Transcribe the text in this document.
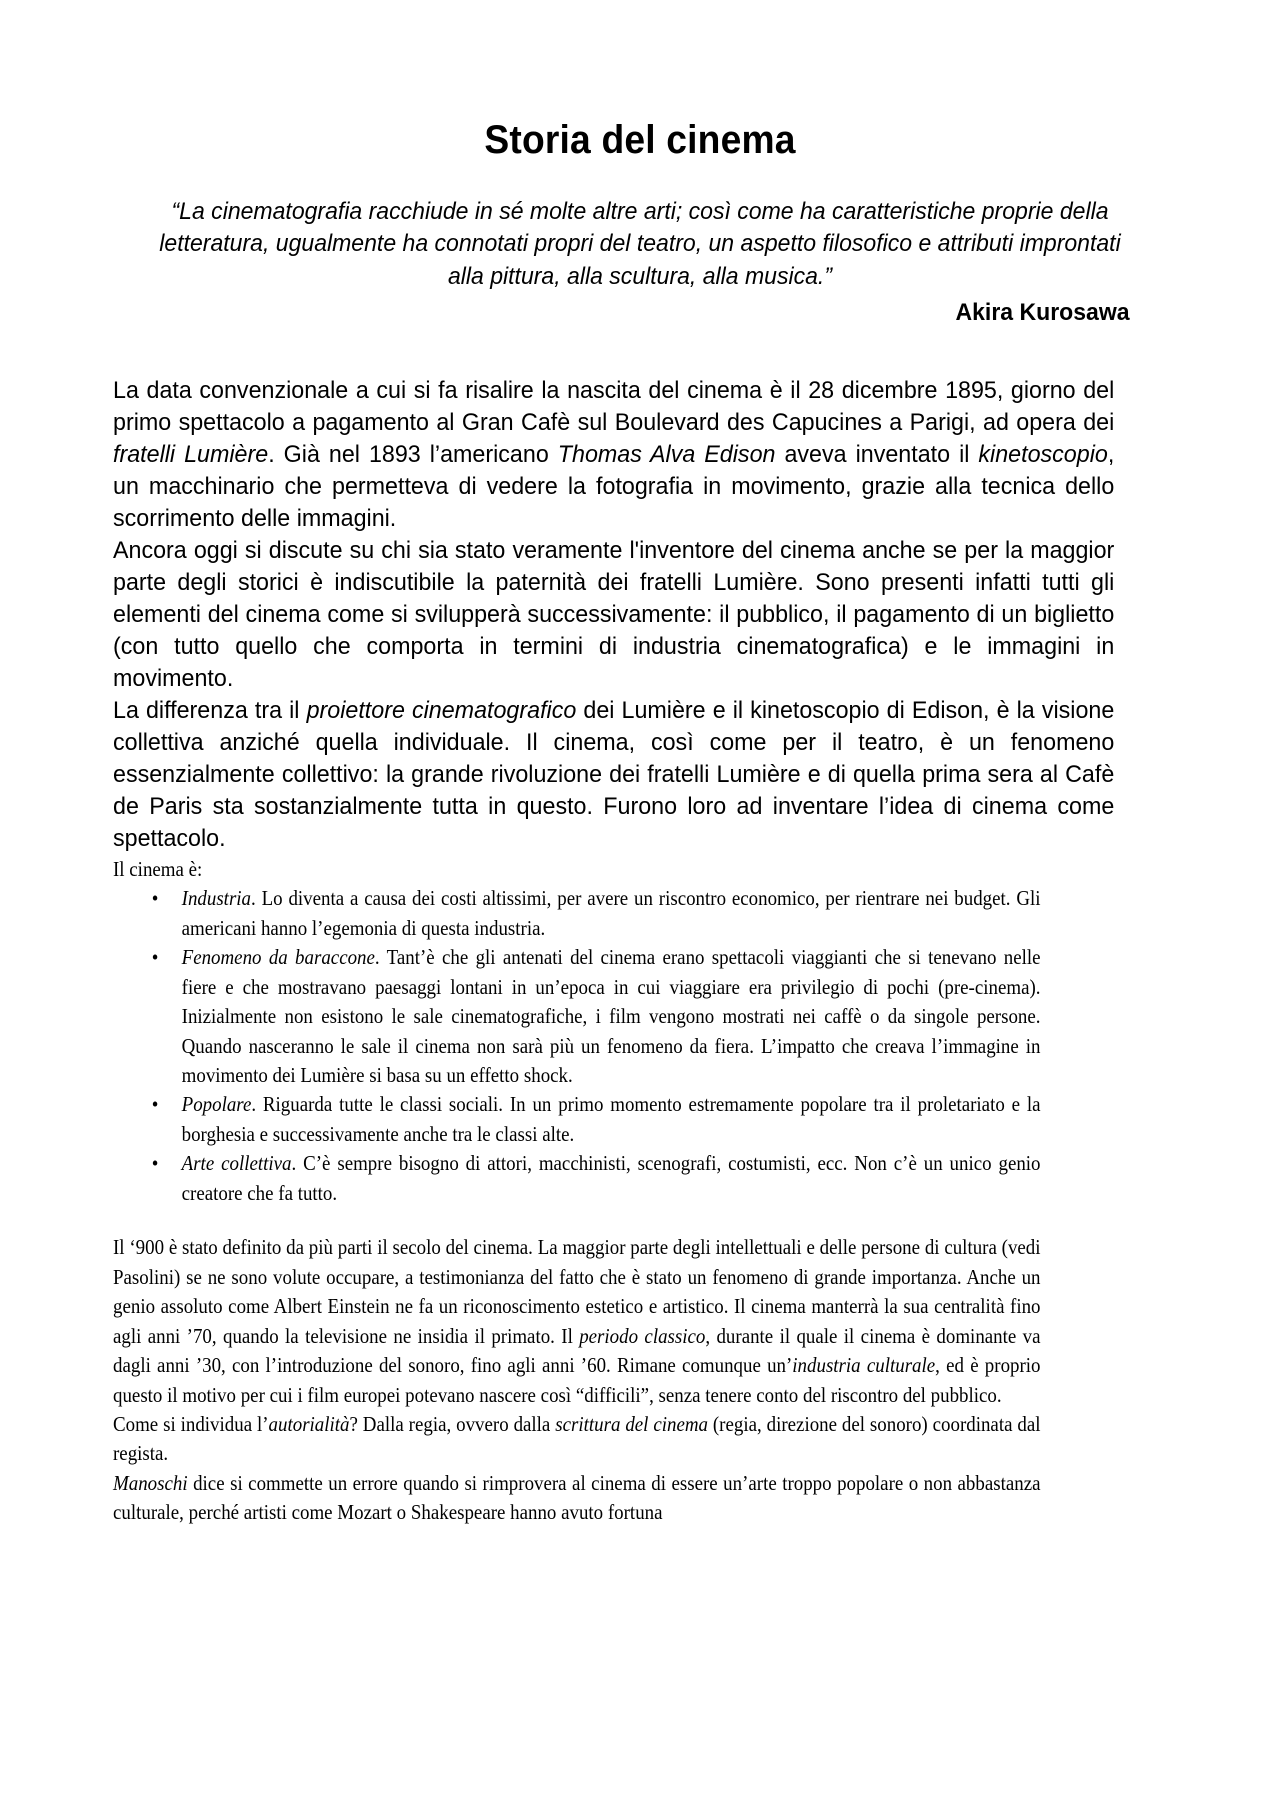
Storia del cinema
“La cinematografia racchiude in sé molte altre arti; così come ha caratteristiche proprie della letteratura, ugualmente ha connotati propri del teatro, un aspetto filosofico e attributi improntati alla pittura, alla scultura, alla musica.”
Akira Kurosawa

La data convenzionale a cui si fa risalire la nascita del cinema è il 28 dicembre 1895, giorno del primo spettacolo a pagamento al Gran Cafè sul Boulevard des Capucines a Parigi, ad opera dei fratelli Lumière. Già nel 1893 l’americano Thomas Alva Edison aveva inventato il kinetoscopio, un macchinario che permetteva di vedere la fotografia in movimento, grazie alla tecnica dello scorrimento delle immagini.

Ancora oggi si discute su chi sia stato veramente l'inventore del cinema anche se per la maggior parte degli storici è indiscutibile la paternità dei fratelli Lumière. Sono presenti infatti tutti gli elementi del cinema come si svilupperà successivamente: il pubblico, il pagamento di un biglietto (con tutto quello che comporta in termini di industria cinematografica) e le immagini in movimento.

La differenza tra il proiettore cinematografico dei Lumière e il kinetoscopio di Edison, è la visione collettiva anziché quella individuale. Il cinema, così come per il teatro, è un fenomeno essenzialmente collettivo: la grande rivoluzione dei fratelli Lumière e di quella prima sera al Cafè de Paris sta sostanzialmente tutta in questo. Furono loro ad inventare l’idea di cinema come spettacolo.

Il cinema è:

• Industria. Lo diventa a causa dei costi altissimi, per avere un riscontro economico, per rientrare nei budget. Gli americani hanno l’egemonia di questa industria.
• Fenomeno da baraccone. Tant’è che gli antenati del cinema erano spettacoli viaggianti che si tenevano nelle fiere e che mostravano paesaggi lontani in un’epoca in cui viaggiare era privilegio di pochi (pre-cinema). Inizialmente non esistono le sale cinematografiche, i film vengono mostrati nei caffè o da singole persone. Quando nasceranno le sale il cinema non sarà più un fenomeno da fiera. L’impatto che creava l’immagine in movimento dei Lumière si basa su un effetto shock.
• Popolare. Riguarda tutte le classi sociali. In un primo momento estremamente popolare tra il proletariato e la borghesia e successivamente anche tra le classi alte.
• Arte collettiva. C’è sempre bisogno di attori, macchinisti, scenografi, costumisti, ecc. Non c’è un unico genio creatore che fa tutto.

Il ‘900 è stato definito da più parti il secolo del cinema. La maggior parte degli intellettuali e delle persone di cultura (vedi Pasolini) se ne sono volute occupare, a testimonianza del fatto che è stato un fenomeno di grande importanza. Anche un genio assoluto come Albert Einstein ne fa un riconoscimento estetico e artistico. Il cinema manterrà la sua centralità fino agli anni ’70, quando la televisione ne insidia il primato. Il periodo classico, durante il quale il cinema è dominante va dagli anni ’30, con l’introduzione del sonoro, fino agli anni ’60. Rimane comunque un’industria culturale, ed è proprio questo il motivo per cui i film europei potevano nascere così “difficili”, senza tenere conto del riscontro del pubblico.

Come si individua l’autorialità? Dalla regia, ovvero dalla scrittura del cinema (regia, direzione del sonoro) coordinata dal regista.

Manoschi dice si commette un errore quando si rimprovera al cinema di essere un’arte troppo popolare o non abbastanza culturale, perché artisti come Mozart o Shakespeare hanno avuto fortuna
